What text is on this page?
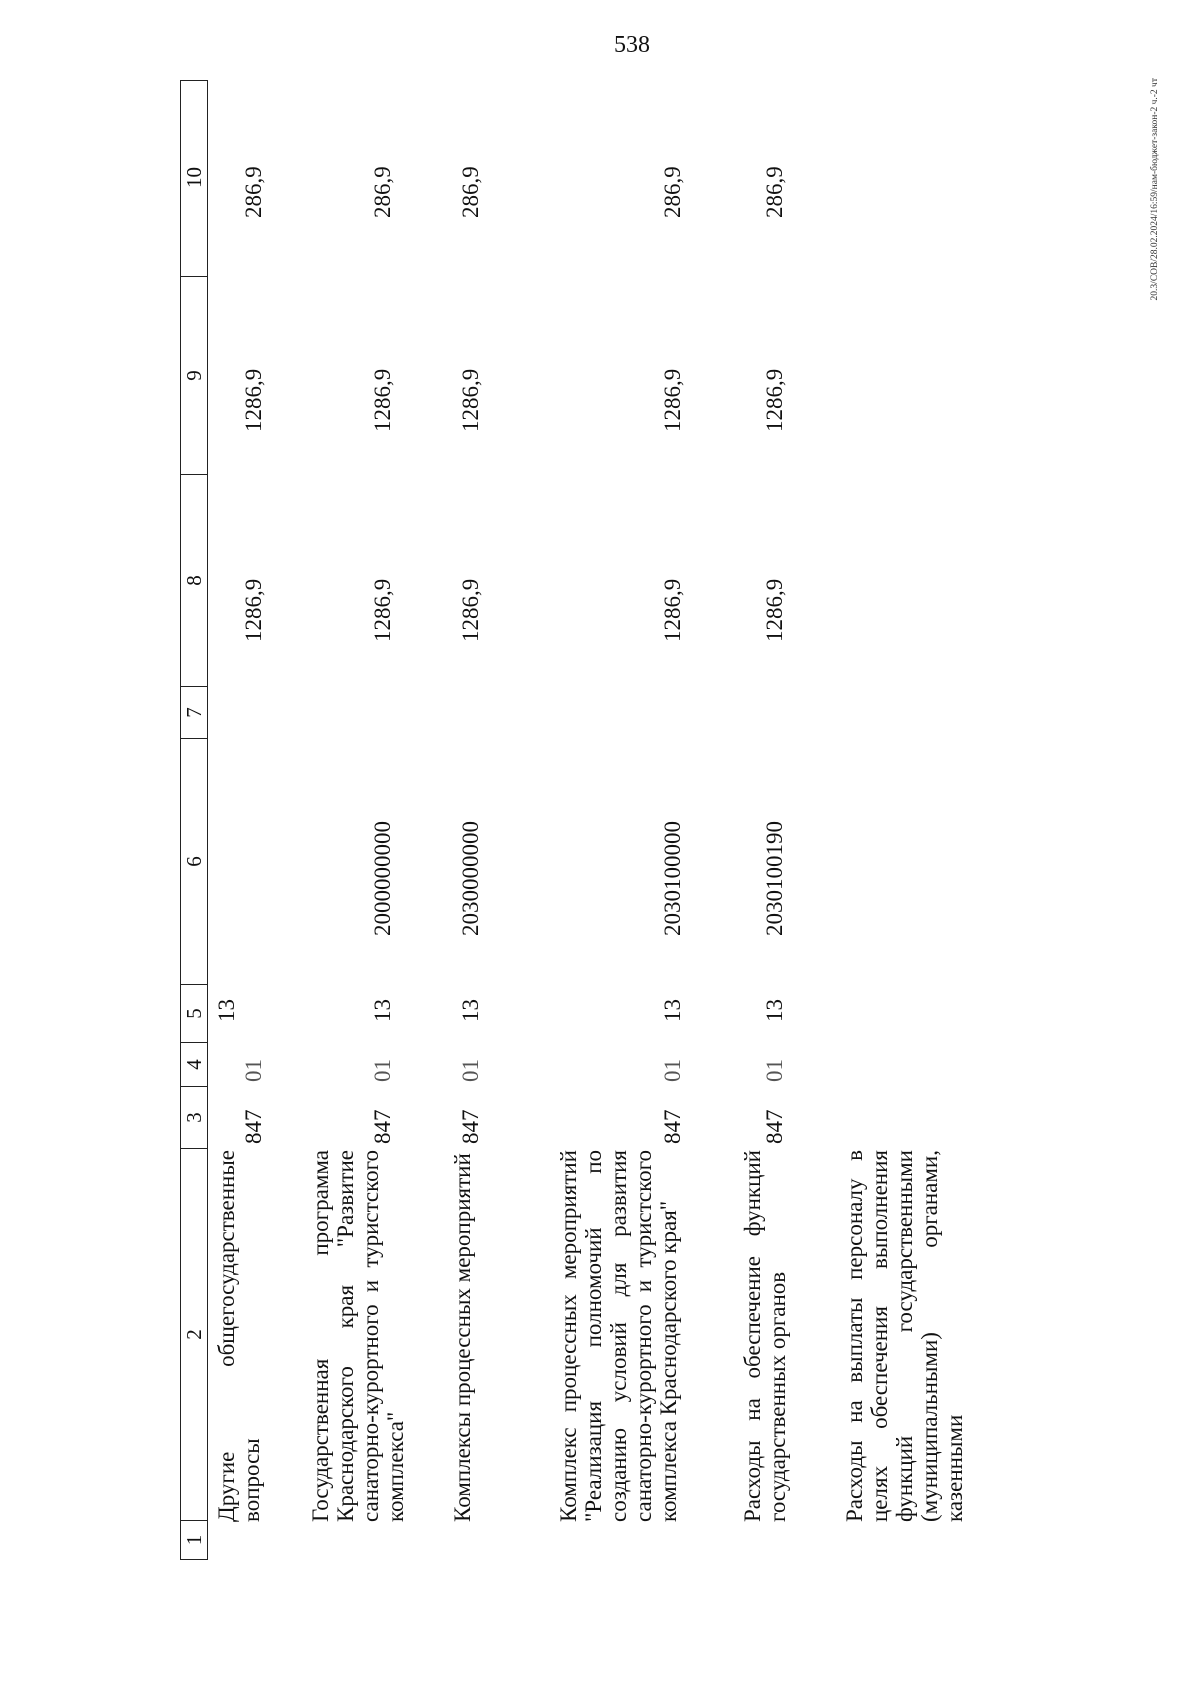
538
20.3/СОВ/28.02.2024/16:59/нам-бюджет-закон-2 ч.-2 чт
1
2
3
4
5
6
7
8
9
10
Другие общегосударственные вопросы
847
01
13
1286,9
1286,9
286,9
Государственная программа Краснодарского края "Развитие санаторно-курортного и туристского комплекса"
847
01
13
2000000000
1286,9
1286,9
286,9
Комплексы процессных мероприятий
847
01
13
2030000000
1286,9
1286,9
286,9
Комплекс процессных мероприятий "Реализация полномочий по созданию условий для развития санаторно-курортного и туристского комплекса Краснодарского края"
847
01
13
2030100000
1286,9
1286,9
286,9
Расходы на обеспечение функций государственных органов
847
01
13
2030100190
1286,9
1286,9
286,9
Расходы на выплаты персоналу в целях обеспечения выполнения функций государственными (муниципальными) органами, казенными
